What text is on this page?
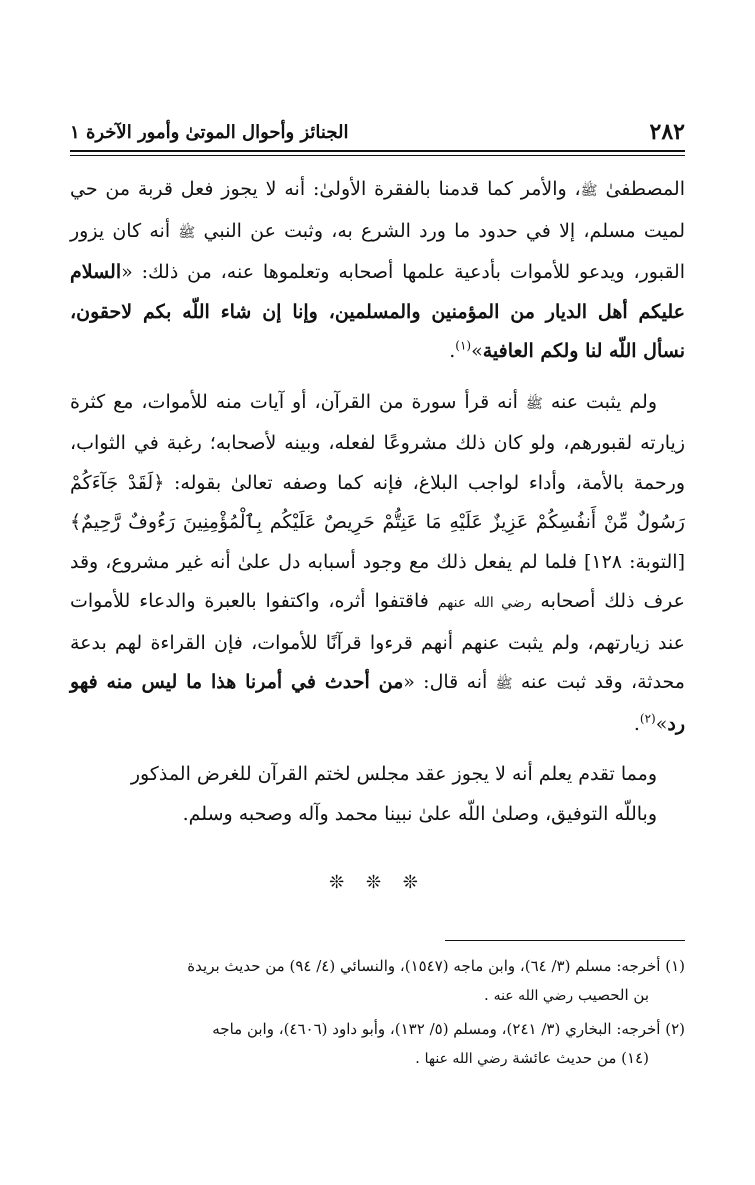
٢٨٢
الجنائز وأحوال الموتىٰ وأمور الآخرة ١

المصطفىٰ ﷺ، والأمر كما قدمنا بالفقرة الأولىٰ: أنه لا يجوز فعل قربة من حي لميت مسلم، إلا في حدود ما ورد الشرع به، وثبت عن النبي ﷺ أنه كان يزور القبور، ويدعو للأموات بأدعية علمها أصحابه وتعلموها عنه، من ذلك: «السلام عليكم أهل الديار من المؤمنين والمسلمين، وإنا إن شاء اللّه بكم لاحقون، نسأل اللّه لنا ولكم العافية»$^{(١)}$.

ولم يثبت عنه ﷺ أنه قرأ سورة من القرآن، أو آيات منه للأموات، مع كثرة زيارته لقبورهم، ولو كان ذلك مشروعًا لفعله، وبينه لأصحابه؛ رغبة في الثواب، ورحمة بالأمة، وأداء لواجب البلاغ، فإنه كما وصفه تعالىٰ بقوله: ﴿لَقَدْ جَآءَكُمْ رَسُولٌ مِّنْ أَنفُسِكُمْ عَزِيزٌ عَلَيْهِ مَا عَنِتُّمْ حَرِيصٌ عَلَيْكُم بِٱلْمُؤْمِنِينَ رَءُوفٌ رَّحِيمٌ﴾ [التوبة: ١٢٨] فلما لم يفعل ذلك مع وجود أسبابه دل علىٰ أنه غير مشروع، وقد عرف ذلك أصحابه رضي الله عنهم فاقتفوا أثره، واكتفوا بالعبرة والدعاء للأموات عند زيارتهم، ولم يثبت عنهم أنهم قرءوا قرآنًا للأموات، فإن القراءة لهم بدعة محدثة، وقد ثبت عنه ﷺ أنه قال: «من أحدث في أمرنا هذا ما ليس منه فهو رد»$^{(٢)}$.

ومما تقدم يعلم أنه لا يجوز عقد مجلس لختم القرآن للغرض المذكور

وباللّه التوفيق، وصلىٰ اللّه علىٰ نبينا محمد وآله وصحبه وسلم.

❊ ❊ ❊

(١) أخرجه: مسلم (٣/ ٦٤)، وابن ماجه (١٥٤٧)، والنسائي (٤/ ٩٤) من حديث بريدة
بن الحصيب رضي الله عنه .

(٢) أخرجه: البخاري (٣/ ٢٤١)، ومسلم (٥/ ١٣٢)، وأبو داود (٤٦٠٦)، وابن ماجه
(١٤) من حديث عائشة رضي الله عنها .
